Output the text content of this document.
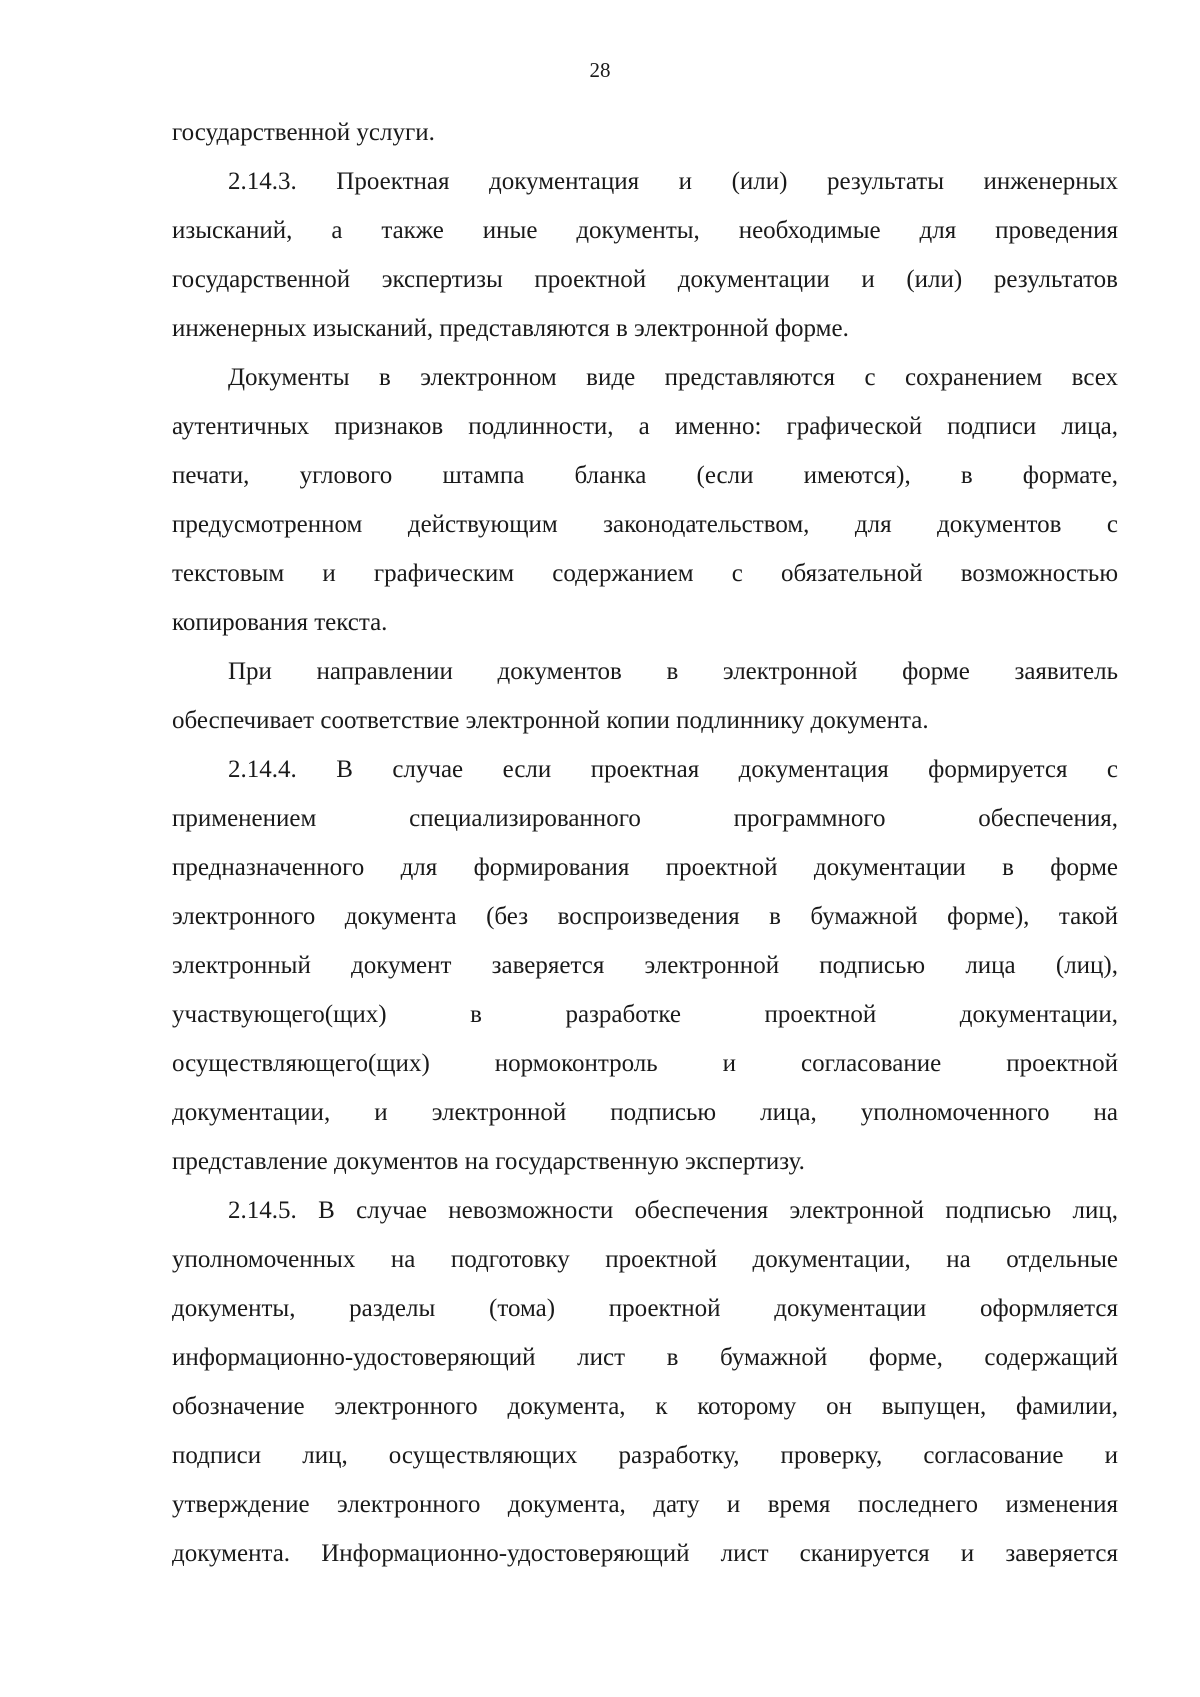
28
государственной услуги.
2.14.3. Проектная документация и (или) результаты инженерных
изысканий, а также иные документы, необходимые для проведения
государственной экспертизы проектной документации и (или) результатов
инженерных изысканий, представляются в электронной форме.
Документы в электронном виде представляются с сохранением всех
аутентичных признаков подлинности, а именно: графической подписи лица,
печати, углового штампа бланка (если имеются), в формате,
предусмотренном действующим законодательством, для документов с
текстовым и графическим содержанием с обязательной возможностью
копирования текста.
При направлении документов в электронной форме заявитель
обеспечивает соответствие электронной копии подлиннику документа.
2.14.4. В случае если проектная документация формируется с
применением специализированного программного обеспечения,
предназначенного для формирования проектной документации в форме
электронного документа (без воспроизведения в бумажной форме), такой
электронный документ заверяется электронной подписью лица (лиц),
участвующего(щих) в разработке проектной документации,
осуществляющего(щих) нормоконтроль и согласование проектной
документации, и электронной подписью лица, уполномоченного на
представление документов на государственную экспертизу.
2.14.5. В случае невозможности обеспечения электронной подписью лиц,
уполномоченных на подготовку проектной документации, на отдельные
документы, разделы (тома) проектной документации оформляется
информационно-удостоверяющий лист в бумажной форме, содержащий
обозначение электронного документа, к которому он выпущен, фамилии,
подписи лиц, осуществляющих разработку, проверку, согласование и
утверждение электронного документа, дату и время последнего изменения
документа. Информационно-удостоверяющий лист сканируется и заверяется
